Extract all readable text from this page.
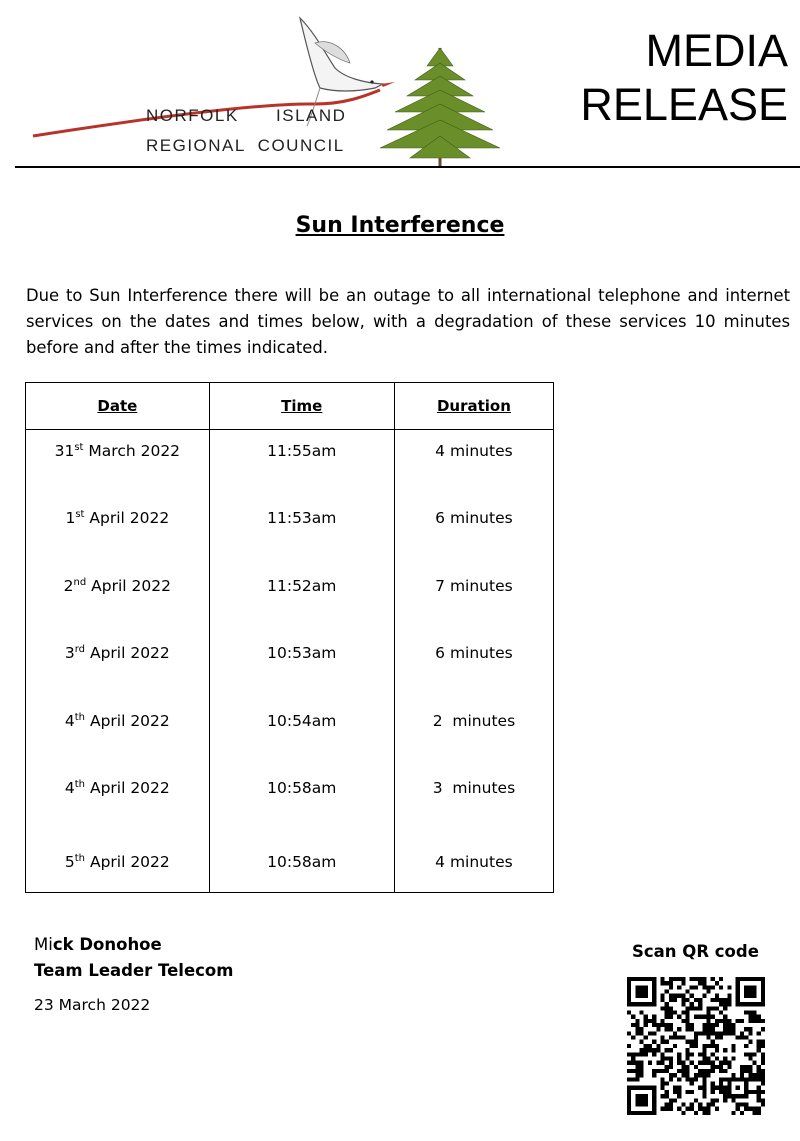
NORFOLK      ISLAND
REGIONAL  COUNCIL
MEDIA
RELEASE
Sun Interference
Due to Sun Interference there will be an outage to all international telephone and internet services on the dates and times below, with a degradation of these services 10 minutes before and after the times indicated.
Date	Time	Duration
31st March 2022	11:55am	4 minutes
1st April 2022	11:53am	6 minutes
2nd April 2022	11:52am	7 minutes
3rd April 2022	10:53am	6 minutes
4th April 2022	10:54am	2  minutes
4th April 2022	10:58am	3  minutes
5th April 2022	10:58am	4 minutes
Mick Donohoe
Team Leader Telecom
23 March 2022
Scan QR code
